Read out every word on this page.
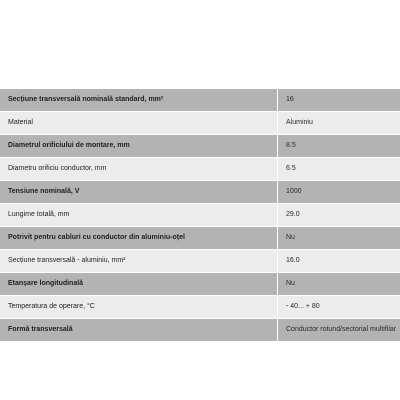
Secțiune transversală nominală standard, mm²	16
Material	Aluminiu
Diametrul orificiului de montare, mm	8.5
Diametru orificiu conductor, mm	6.5
Tensiune nominală, V	1000
Lungime totală, mm	29.0
Potrivit pentru cabluri cu conductor din aluminiu-oțel	Nu
Secțiune transversală - aluminiu, mm²	16.0
Etanșare longitudinală	Nu
Temperatura de operare, °C	- 40... + 80
Formă transversală	Conductor rotund/sectorial multifilar
